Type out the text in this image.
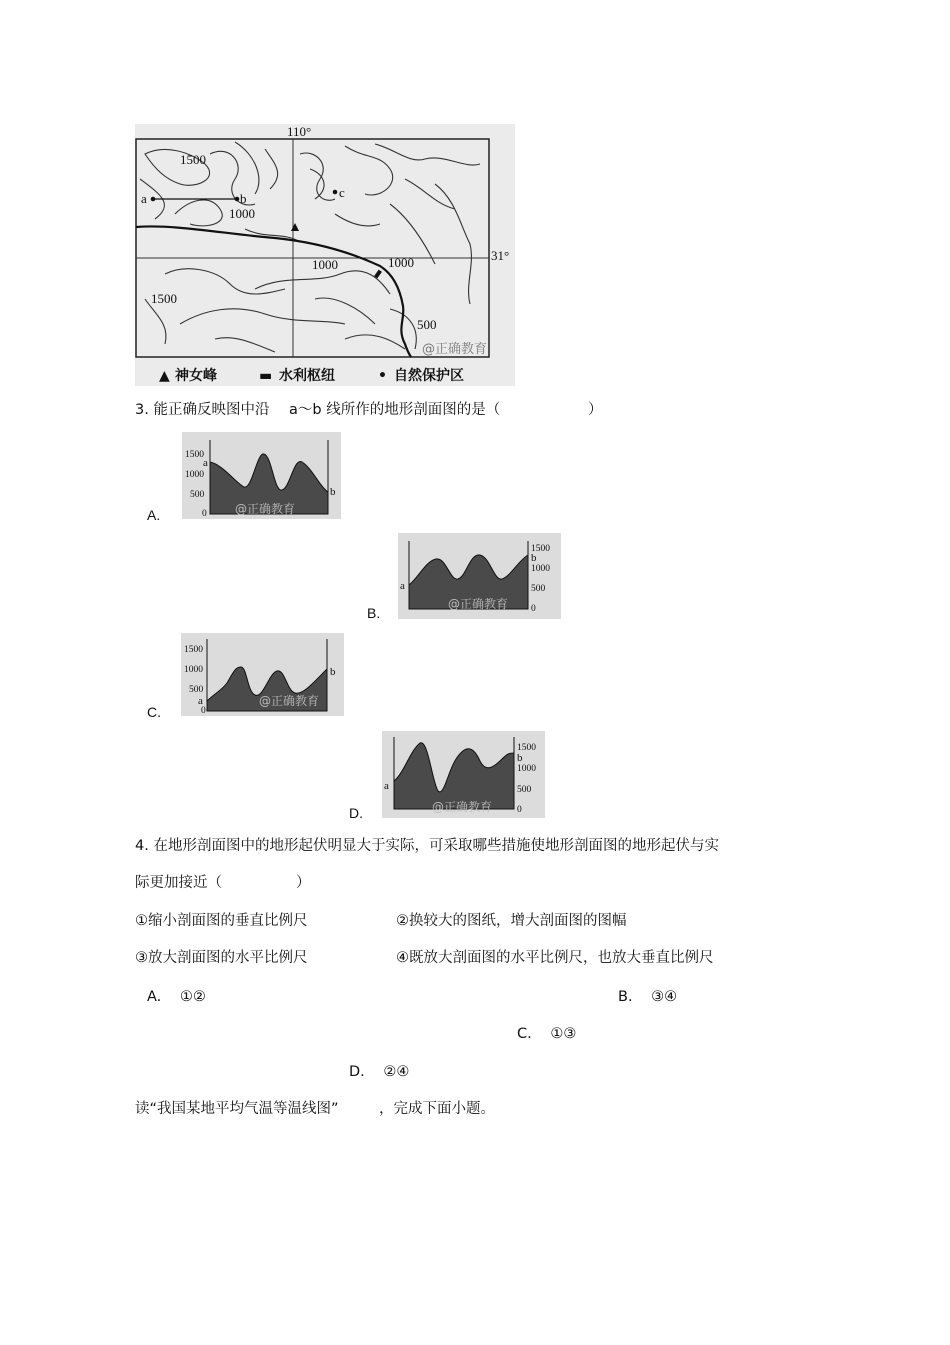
110°
31°
1500
1000
1000	1000
1500
500
a	b	c
@正确教育
▲ 神女峰	▬ 水利枢纽	• 自然保护区
3. 能正确反映图中沿 a～b 线所作的地形剖面图的是（	）
A.
1500
1000
500
0
a
b
@正确教育
B.
1500
1000
500
0
a
b
@正确教育
C.
1500
1000
500
0
a
b
@正确教育
D.
1500
1000
500
0
a
b
@正确教育
4. 在地形剖面图中的地形起伏明显大于实际，可采取哪些措施使地形剖面图的地形起伏与实
际更加接近（	）
①缩小剖面图的垂直比例尺	②换较大的图纸，增大剖面图的图幅
③放大剖面图的水平比例尺	④既放大剖面图的水平比例尺，也放大垂直比例尺
A. ①②	B. ③④
C. ①③
D. ②④
读“我国某地平均气温等温线图”	，完成下面小题。
